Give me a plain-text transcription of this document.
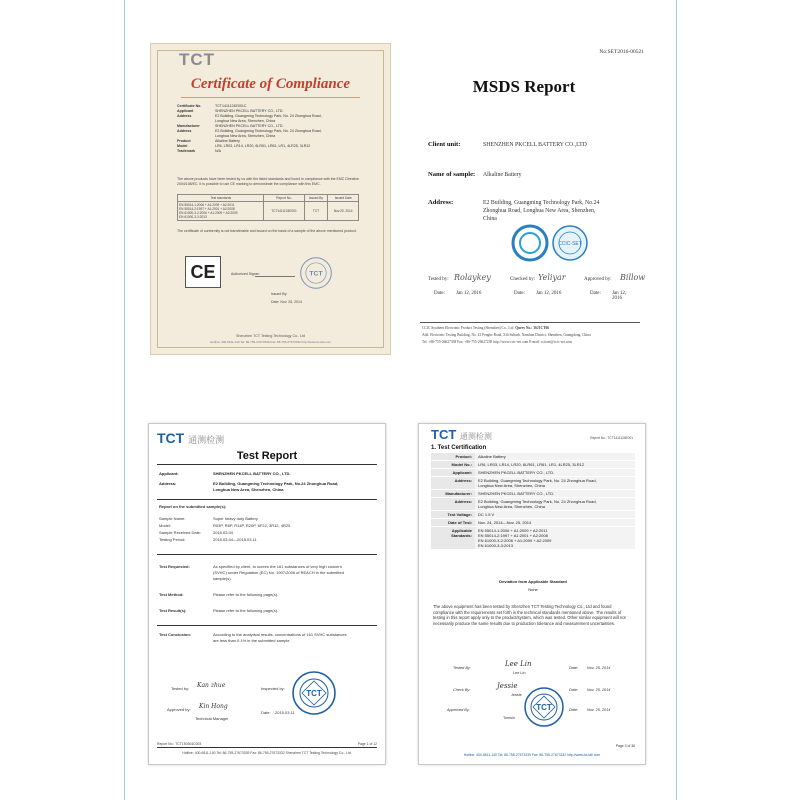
TCT
Certificate of Compliance
Certificate No.	TCT1411124E001C
Applicant	SHENZHEN PKCELL BATTERY CO., LTD.
Address	E2 Building, Guangming Technology Park, No. 24 Zhonghua Road,
Longhua New Area, Shenzhen, China
Manufacturer	SHENZHEN PKCELL BATTERY CO., LTD.
Address	E2 Building, Guangming Technology Park, No. 24 Zhonghua Road,
Longhua New Area, Shenzhen, China
Product	Alkaline Battery
Model	LR6, LR03, LR14, LR20, 6LR61, LR61, LR1, 4LR25, 3LR12
Trademark	N/A
The above products have been tested by us with the listed standards and found in compliance with the EMC Directive 2004/108/EC. It is possible to use CE marking to demonstrate the compliance with this EMC.
Test standards	Report No.	Issued By	Issued Date
EN 55014-1:2006 + A1:2009 + A2:2011
EN 55014-2:1997 + A1:2001 + A2:2008
EN 61000-3-2:2006 + A1:2009 + A2:2009
EN 61000-3-3:2013	TCT1411124E001	TCT	Nov.25, 2014
The certificate of conformity is not transferable and issued on the basis of a sample of the above mentioned product.
CE	Authorized Signer:	TCT
Issued By:
Date: Nov. 25, 2014
Shenzhen TCT Testing Technology Co., Ltd
Hotline: 400-6611-140 Tel: 86-755-27673339 Fax: 86-755-27673332 http://www.tct-lab.com
No:SET2016-00521
MSDS Report
Client unit:	SHENZHEN PKCELL BATTERY CO.,LTD
Name of sample: Alkaline Battery
Address:	E2 Building, Guangming Technology Park, No.24
Zhonghua Road, Longhua New Area, Shenzhen,
China
CCIC-SET
Tested by: Rolaykey	Checked by: Yeliyar	Approved by: Billow
Date: Jan 12, 2016	Date: Jan 12, 2016	Date: Jan 12, 2016
CCIC Southern Electronic Product Testing (Shenzhen) Co., Ltd Query No.: 36J1CT66
Add: Electronic Testing Building, No. 43 Fenghe Road, Xili Suburb, Nanshan District, Shenzhen, Guangdong, China
Tel: +86-755-26627338 Fax: +86-755-26627238 http://www.ccic-set.com E-mail: ccicset@ccic-set.com
TCT 通测检测
Test Report
Applicant:	SHENZHEN PKCELL BATTERY CO., LTD.
Address:	E2 Building, Guangming Technology Park, No.24 Zhonghua Road,
Longhua New Area, Shenzhen, China
Report on the submitted sample(s):
Sample Name:	Super heavy duty Battery
Model:	R03P, R6P, R14P, R20P, 6F22, 3R12, 4R25
Sample Received Date:	2015.03.04
Testing Period:	2015.03.04—2015.03.11
Test Requested:	As specified by client, to screen the 161 substances of very high concern
(SVHC) under Regulation (EC) No. 1907/2006 of REACH in the submitted
sample(s).
Test Method:	Please refer to the following page(s).
Test Result(s):	Please refer to the following page(s).
Test Conclusion:	According to the analytical results, concentrations of 161 SVHC substances
are less than 0.1% in the submitted sample.
Tested by: Kan zhue	Inspected by:
TCT
Approved by: Kin Hong
Technical Manager
Date: 2015.03.11
Report No.: TCT150304C003	Page 1 of 12
Hotline: 400-6611-140 Tel: 86-755-27673339 Fax: 86-755-27673332 Shenzhen TCT Testing Technology Co., Ltd.
TCT 通测检测	Report No.: TCT1411124E001
1. Test Certification
Product:	Alkaline Battery
Model No.:	LR6, LR03, LR14, LR20, 6LR61, LR61, LR1, 4LR25, 3LR12
Applicant:	SHENZHEN PKCELL BATTERY CO., LTD.
Address:	E2 Building, Guangming Technology Park, No. 24 Zhonghua Road,
Longhua New Area, Shenzhen, China
Manufacturer:	SHENZHEN PKCELL BATTERY CO., LTD.
Address:	E2 Building, Guangming Technology Park, No. 24 Zhonghua Road,
Longhua New Area, Shenzhen, China
Test Voltage:	DC 1.5 V
Date of Test:	Nov. 24, 2014—Nov. 25, 2014
Applicable
Standards:
EN 55014-1:2006 + A1:2009 + A2:2011
EN 55014-2:1997 + A1:2001 + A2:2008
EN 61000-3-2:2006 + A1:2009 + A2:2009
EN 61000-3-3:2013
Deviation from Applicable Standard
None
The above equipment has been tested by Shenzhen TCT Testing Technology Co., Ltd and found compliance with the requirements set forth in the technical standards mentioned above. The results of testing in this report apply only to the product/system, which was tested. Other similar equipment will not necessarily produce the same results due to production tolerance and measurement uncertainties.
Tested By:	Lee Lin
Lee Lin
Date: Nov. 25, 2014
Check By:	Jessie
Jessie
Date: Nov. 25, 2014
TCT
Approved By:
Tomsin
Date: Nov. 25, 2014
Page 3 of 36
Hotline: 400-6611-140 Tel: 86-755-27673339 Fax: 86-755-27673332 http://www.tct-lab.com
